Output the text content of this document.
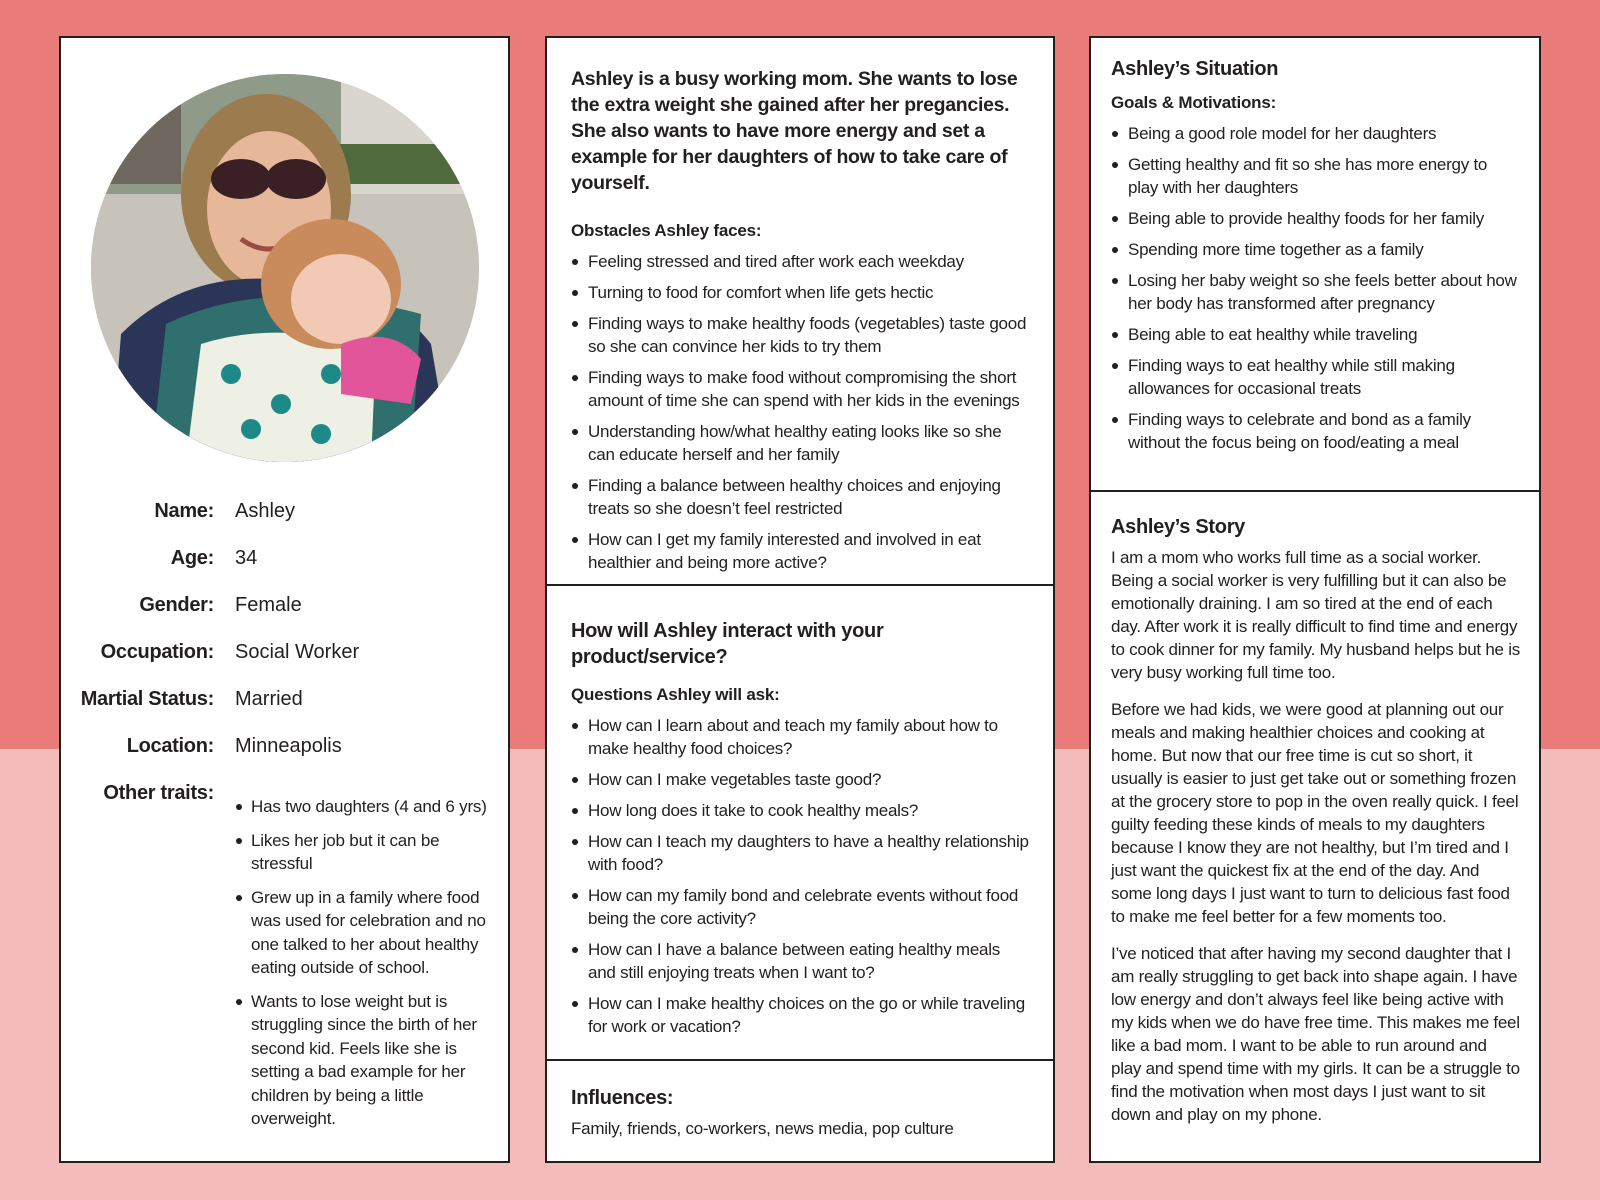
Name: Ashley
Age: 34
Gender: Female
Occupation: Social Worker
Martial Status: Married
Location: Minneapolis
Other traits:
Has two daughters (4 and 6 yrs)
Likes her job but it can be stressful
Grew up in a family where food was used for celebration and no one talked to her about healthy eating outside of school.
Wants to lose weight but is struggling since the birth of her second kid. Feels like she is setting a bad example for her children by being a little overweight.

Ashley is a busy working mom. She wants to lose the extra weight she gained after her pregancies. She also wants to have more energy and set a example for her daughters of how to take care of yourself.

Obstacles Ashley faces:

Feeling stressed and tired after work each weekday
Turning to food for comfort when life gets hectic
Finding ways to make healthy foods (vegetables) taste good so she can convince her kids to try them
Finding ways to make food without compromising the short amount of time she can spend with her kids in the evenings
Understanding how/what healthy eating looks like so she can educate herself and her family
Finding a balance between healthy choices and enjoying treats so she doesn’t feel restricted
How can I get my family interested and involved in eat healthier and being more active?

How will Ashley interact with your product/service?

Questions Ashley will ask:

How can I learn about and teach my family about how to make healthy food choices?
How can I make vegetables taste good?
How long does it take to cook healthy meals?
How can I teach my daughters to have a healthy relationship with food?
How can my family bond and celebrate events without food being the core activity?
How can I have a balance between eating healthy meals and still enjoying treats when I want to?
How can I make healthy choices on the go or while traveling for work or vacation?

Influences:

Family, friends, co-workers, news media, pop culture

Ashley’s Situation

Goals & Motivations:

Being a good role model for her daughters
Getting healthy and fit so she has more energy to play with her daughters
Being able to provide healthy foods for her family
Spending more time together as a family
Losing her baby weight so she feels better about how her body has transformed after pregnancy
Being able to eat healthy while traveling
Finding ways to eat healthy while still making allowances for occasional treats
Finding ways to celebrate and bond as a family without the focus being on food/eating a meal

Ashley’s Story

I am a mom who works full time as a social worker. Being a social worker is very fulfilling but it can also be emotionally draining. I am so tired at the end of each day. After work it is really difficult to find time and energy to cook dinner for my family. My husband helps but he is very busy working full time too.

Before we had kids, we were good at planning out our meals and making healthier choices and cooking at home. But now that our free time is cut so short, it usually is easier to just get take out or something frozen at the grocery store to pop in the oven really quick. I feel guilty feeding these kinds of meals to my daughters because I know they are not healthy, but I’m tired and I just want the quickest fix at the end of the day. And some long days I just want to turn to delicious fast food to make me feel better for a few moments too.

I’ve noticed that after having my second daughter that I am really struggling to get back into shape again. I have low energy and don’t always feel like being active with my kids when we do have free time. This makes me feel like a bad mom. I want to be able to run around and play and spend time with my girls. It can be a struggle to find the motivation when most days I just want to sit down and play on my phone.
